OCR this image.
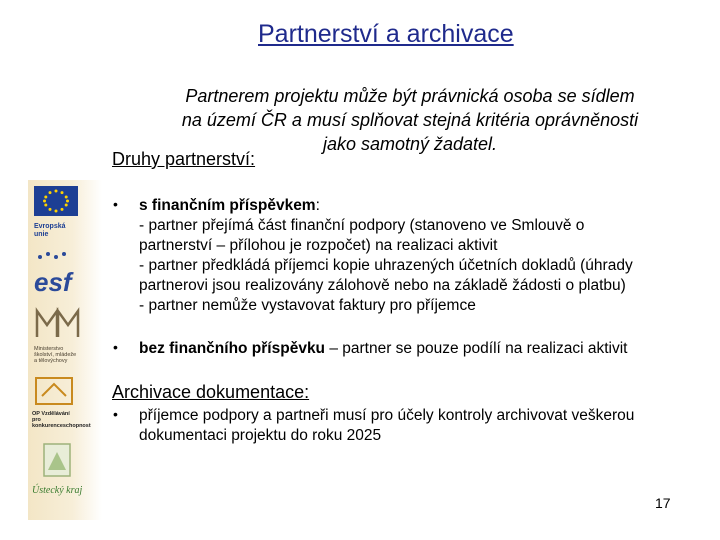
Partnerství a archivace
Partnerem projektu může být právnická osoba se sídlem
na území ČR a musí splňovat stejná kritéria oprávněnosti
jako samotný žadatel.
Druhy partnerství:
• s finančním příspěvkem:
- partner přejímá část finanční podpory (stanoveno ve Smlouvě o
partnerství – přílohou je rozpočet) na realizaci aktivit
- partner předkládá příjemci kopie uhrazených účetních dokladů (úhrady
partnerovi jsou realizovány zálohově nebo na základě žádosti o platbu)
- partner nemůže vystavovat faktury pro příjemce
• bez finančního příspěvku – partner se pouze podílí na realizaci aktivit
Archivace dokumentace:
• příjemce podpory a partneři musí pro účely kontroly archivovat veškerou
dokumentaci projektu do roku 2025
Evropská
unie
esf
Ministerstvo
školství, mládeže
a tělovýchovy
OP Vzdělávání
pro konkurenceschopnost
Ústecký kraj
17
